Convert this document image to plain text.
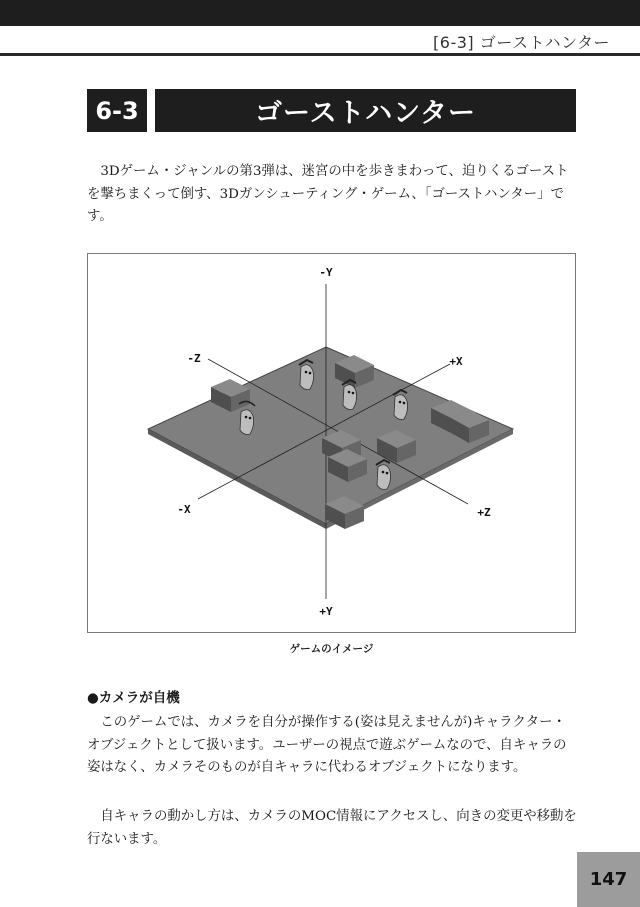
[6-3] ゴーストハンター
6-3	ゴーストハンター

3Dゲーム・ジャンルの第3弾は、迷宮の中を歩きまわって、迫りくるゴーストを撃ちまくって倒す、3Dガンシューティング・ゲーム、「ゴーストハンター」です。

-Y
+Y
-Z
+Z
+X
-X
ゲームのイメージ
●カメラが自機

このゲームでは、カメラを自分が操作する(姿は見えませんが)キャラクター・オブジェクトとして扱います。ユーザーの視点で遊ぶゲームなので、自キャラの姿はなく、カメラそのものが自キャラに代わるオブジェクトになります。

自キャラの動かし方は、カメラのMOC情報にアクセスし、向きの変更や移動を行ないます。

147
